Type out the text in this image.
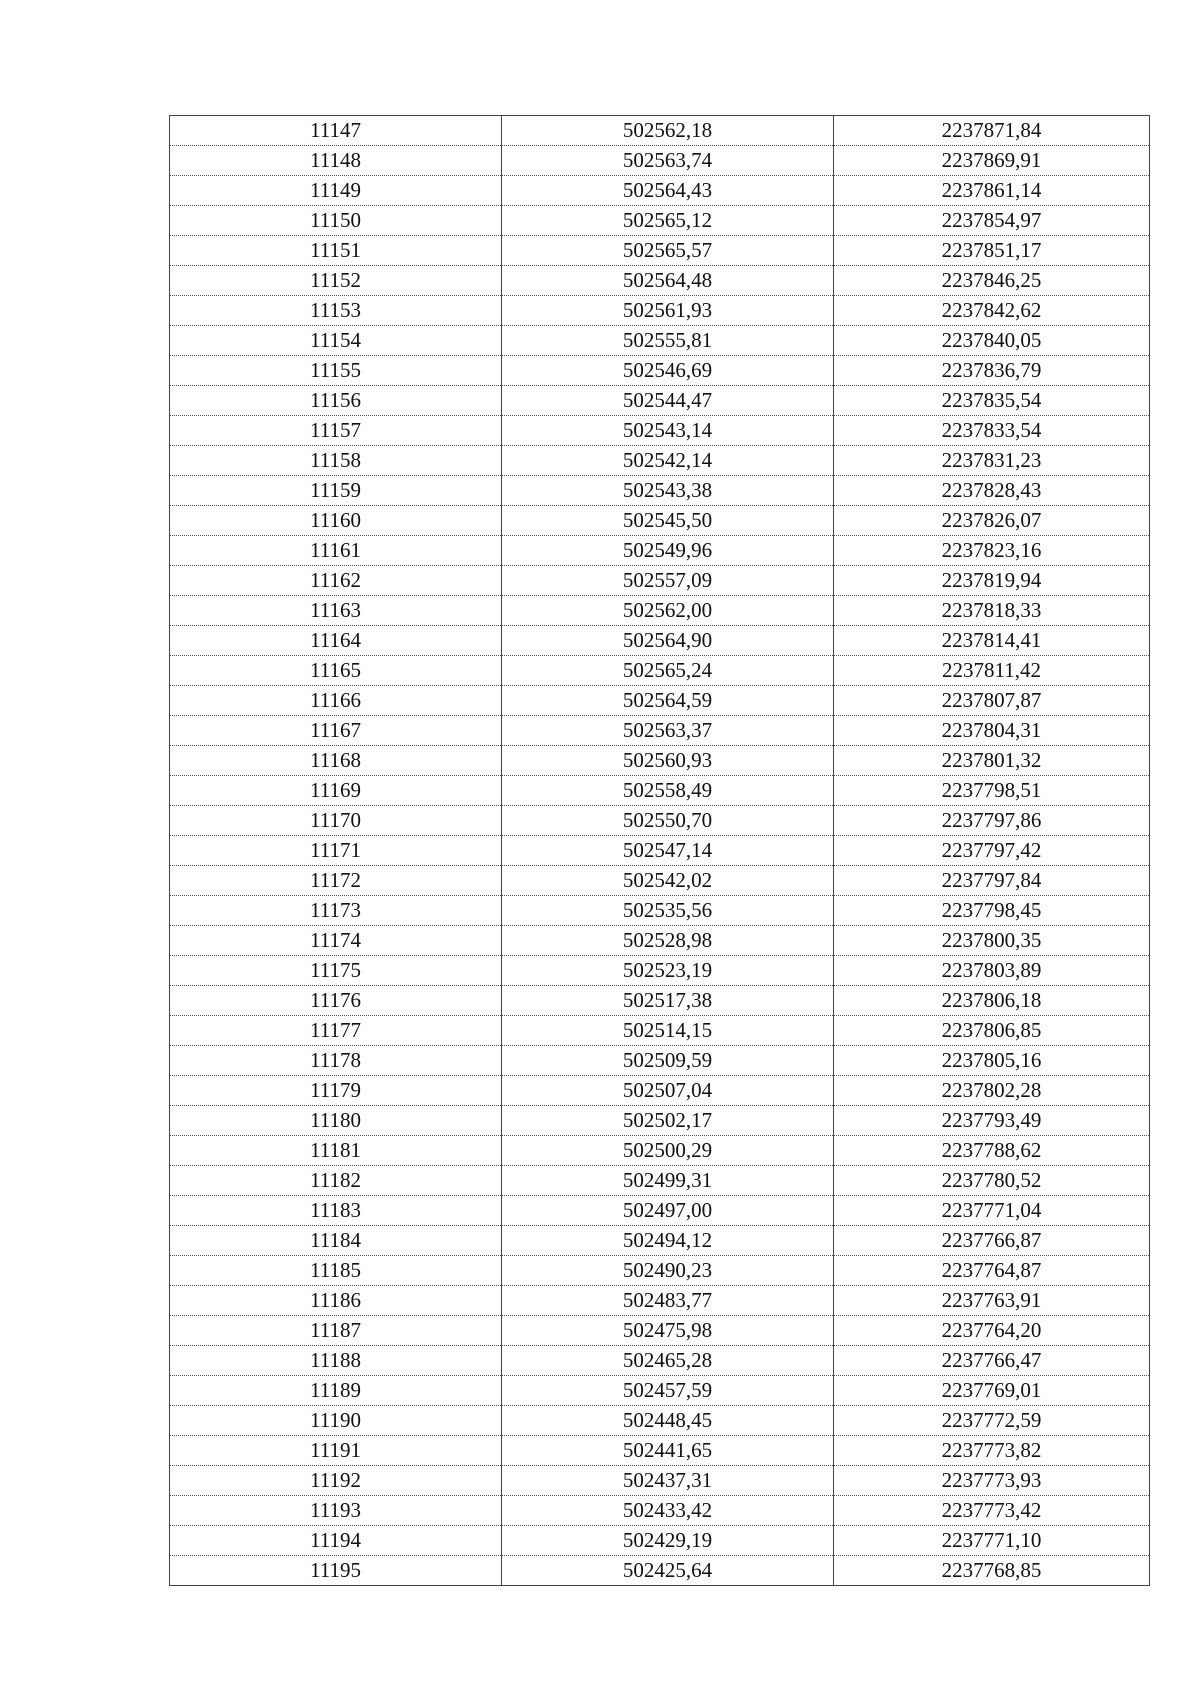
11147	502562,18	2237871,84
11148	502563,74	2237869,91
11149	502564,43	2237861,14
11150	502565,12	2237854,97
11151	502565,57	2237851,17
11152	502564,48	2237846,25
11153	502561,93	2237842,62
11154	502555,81	2237840,05
11155	502546,69	2237836,79
11156	502544,47	2237835,54
11157	502543,14	2237833,54
11158	502542,14	2237831,23
11159	502543,38	2237828,43
11160	502545,50	2237826,07
11161	502549,96	2237823,16
11162	502557,09	2237819,94
11163	502562,00	2237818,33
11164	502564,90	2237814,41
11165	502565,24	2237811,42
11166	502564,59	2237807,87
11167	502563,37	2237804,31
11168	502560,93	2237801,32
11169	502558,49	2237798,51
11170	502550,70	2237797,86
11171	502547,14	2237797,42
11172	502542,02	2237797,84
11173	502535,56	2237798,45
11174	502528,98	2237800,35
11175	502523,19	2237803,89
11176	502517,38	2237806,18
11177	502514,15	2237806,85
11178	502509,59	2237805,16
11179	502507,04	2237802,28
11180	502502,17	2237793,49
11181	502500,29	2237788,62
11182	502499,31	2237780,52
11183	502497,00	2237771,04
11184	502494,12	2237766,87
11185	502490,23	2237764,87
11186	502483,77	2237763,91
11187	502475,98	2237764,20
11188	502465,28	2237766,47
11189	502457,59	2237769,01
11190	502448,45	2237772,59
11191	502441,65	2237773,82
11192	502437,31	2237773,93
11193	502433,42	2237773,42
11194	502429,19	2237771,10
11195	502425,64	2237768,85
